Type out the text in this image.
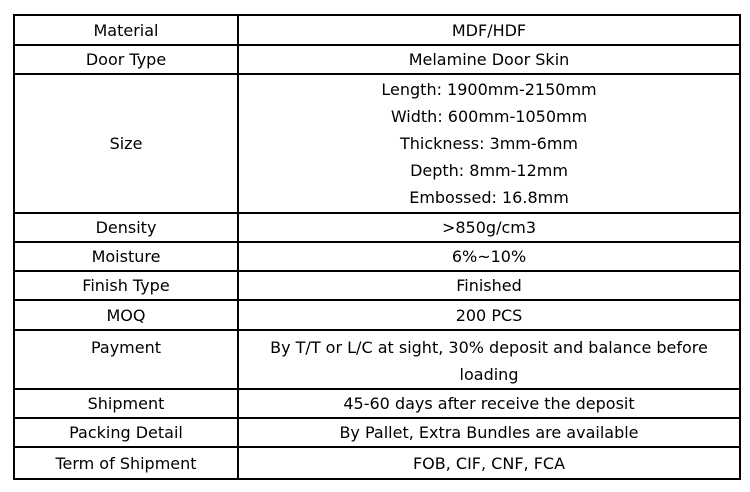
Material	MDF/HDF
Door Type	Melamine Door Skin
Size	Length: 1900mm-2150mm
Width: 600mm-1050mm
Thickness: 3mm-6mm
Depth: 8mm-12mm
Embossed: 16.8mm

Density	>850g/cm3
Moisture	6%~10%
Finish Type	Finished
MOQ	200 PCS
Payment	By T/T or L/C at sight, 30% deposit and balance before loading
Shipment	45-60 days after receive the deposit
Packing Detail	By Pallet, Extra Bundles are available
Term of Shipment	FOB, CIF, CNF, FCA
